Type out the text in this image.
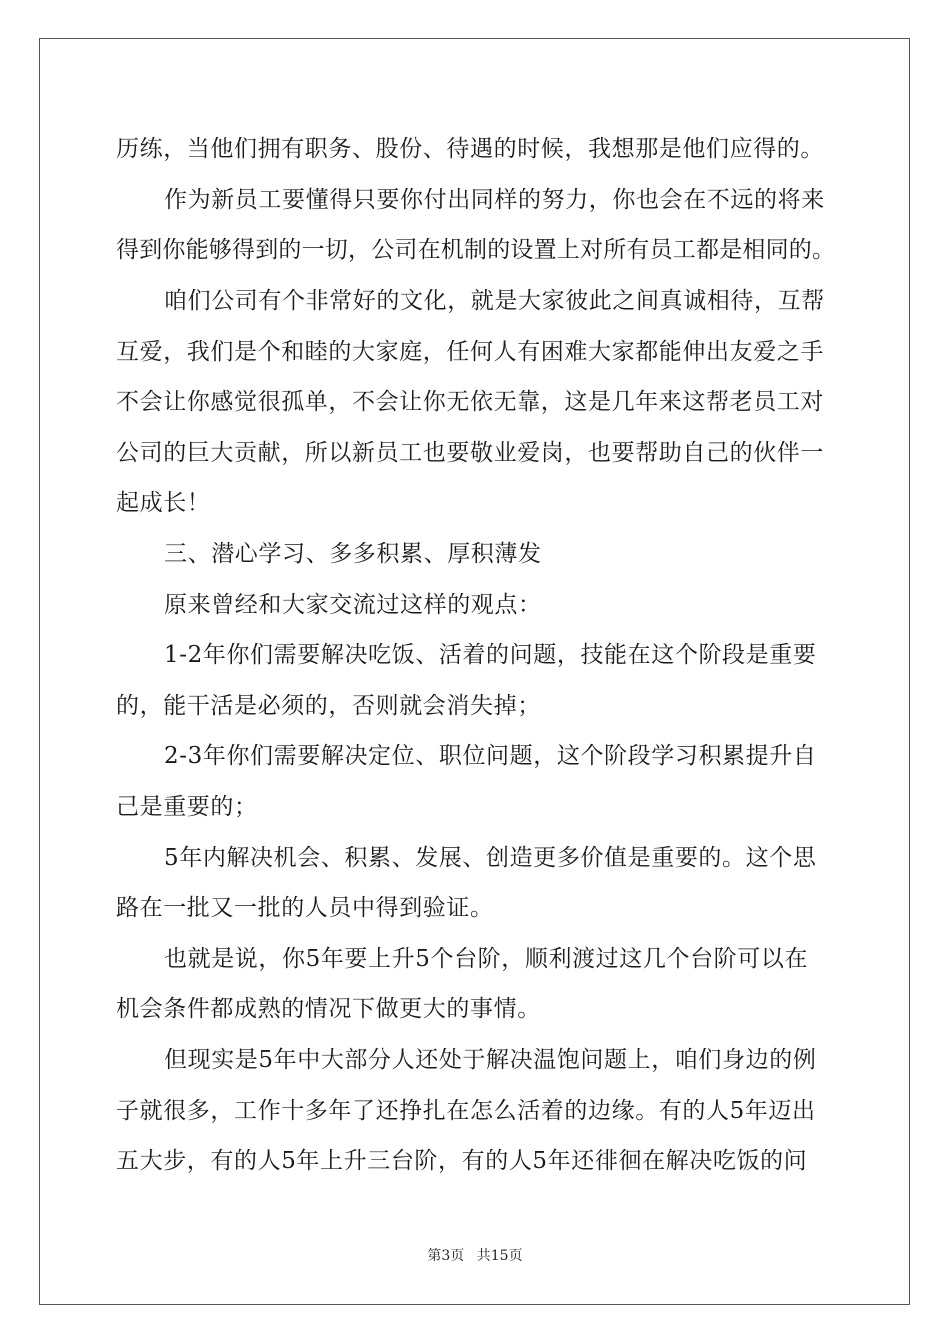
历练，当他们拥有职务、股份、待遇的时候，我想那是他们应得的。
作为新员工要懂得只要你付出同样的努力，你也会在不远的将来
得到你能够得到的一切，公司在机制的设置上对所有员工都是相同的。
咱们公司有个非常好的文化，就是大家彼此之间真诚相待，互帮
互爱，我们是个和睦的大家庭，任何人有困难大家都能伸出友爱之手
不会让你感觉很孤单，不会让你无依无靠，这是几年来这帮老员工对
公司的巨大贡献，所以新员工也要敬业爱岗，也要帮助自己的伙伴一
起成长！
三、潜心学习、多多积累、厚积薄发
原来曾经和大家交流过这样的观点：
1-2年你们需要解决吃饭、活着的问题，技能在这个阶段是重要
的，能干活是必须的，否则就会消失掉；
2-3年你们需要解决定位、职位问题，这个阶段学习积累提升自
己是重要的；
5年内解决机会、积累、发展、创造更多价值是重要的。这个思
路在一批又一批的人员中得到验证。
也就是说，你5年要上升5个台阶，顺利渡过这几个台阶可以在
机会条件都成熟的情况下做更大的事情。
但现实是5年中大部分人还处于解决温饱问题上，咱们身边的例
子就很多，工作十多年了还挣扎在怎么活着的边缘。有的人5年迈出
五大步，有的人5年上升三台阶，有的人5年还徘徊在解决吃饭的问
第3页 共15页
